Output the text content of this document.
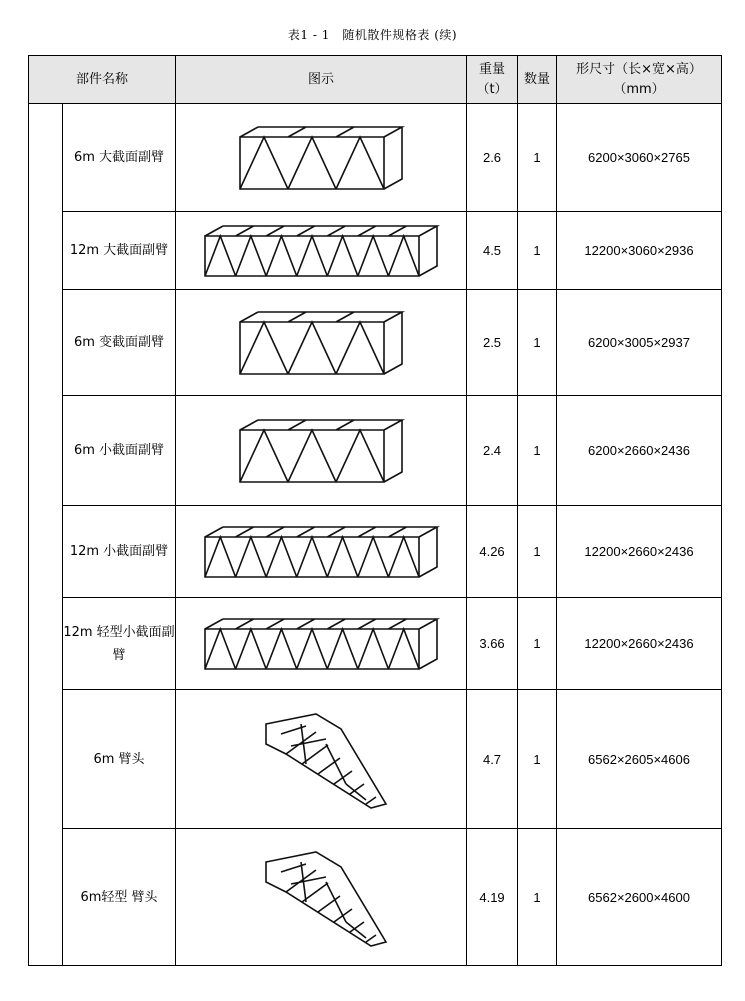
表1 - 1　随机散件规格表 (续)
部件名称		图示	重量（t）	数量	形尺寸（长×宽×高）（mm）
	6m 大截面副臂		2.6	1	6200×3060×2765
	12m 大截面副臂		4.5	1	12200×3060×2936
	6m 变截面副臂		2.5	1	6200×3005×2937
	6m 小截面副臂		2.4	1	6200×2660×2436
	12m 小截面副臂		4.26	1	12200×2660×2436
	12m 轻型小截面副臂		3.66	1	12200×2660×2436
	6m 臂头		4.7	1	6562×2605×4606
	6m轻型 臂头		4.19	1	6562×2600×4600
